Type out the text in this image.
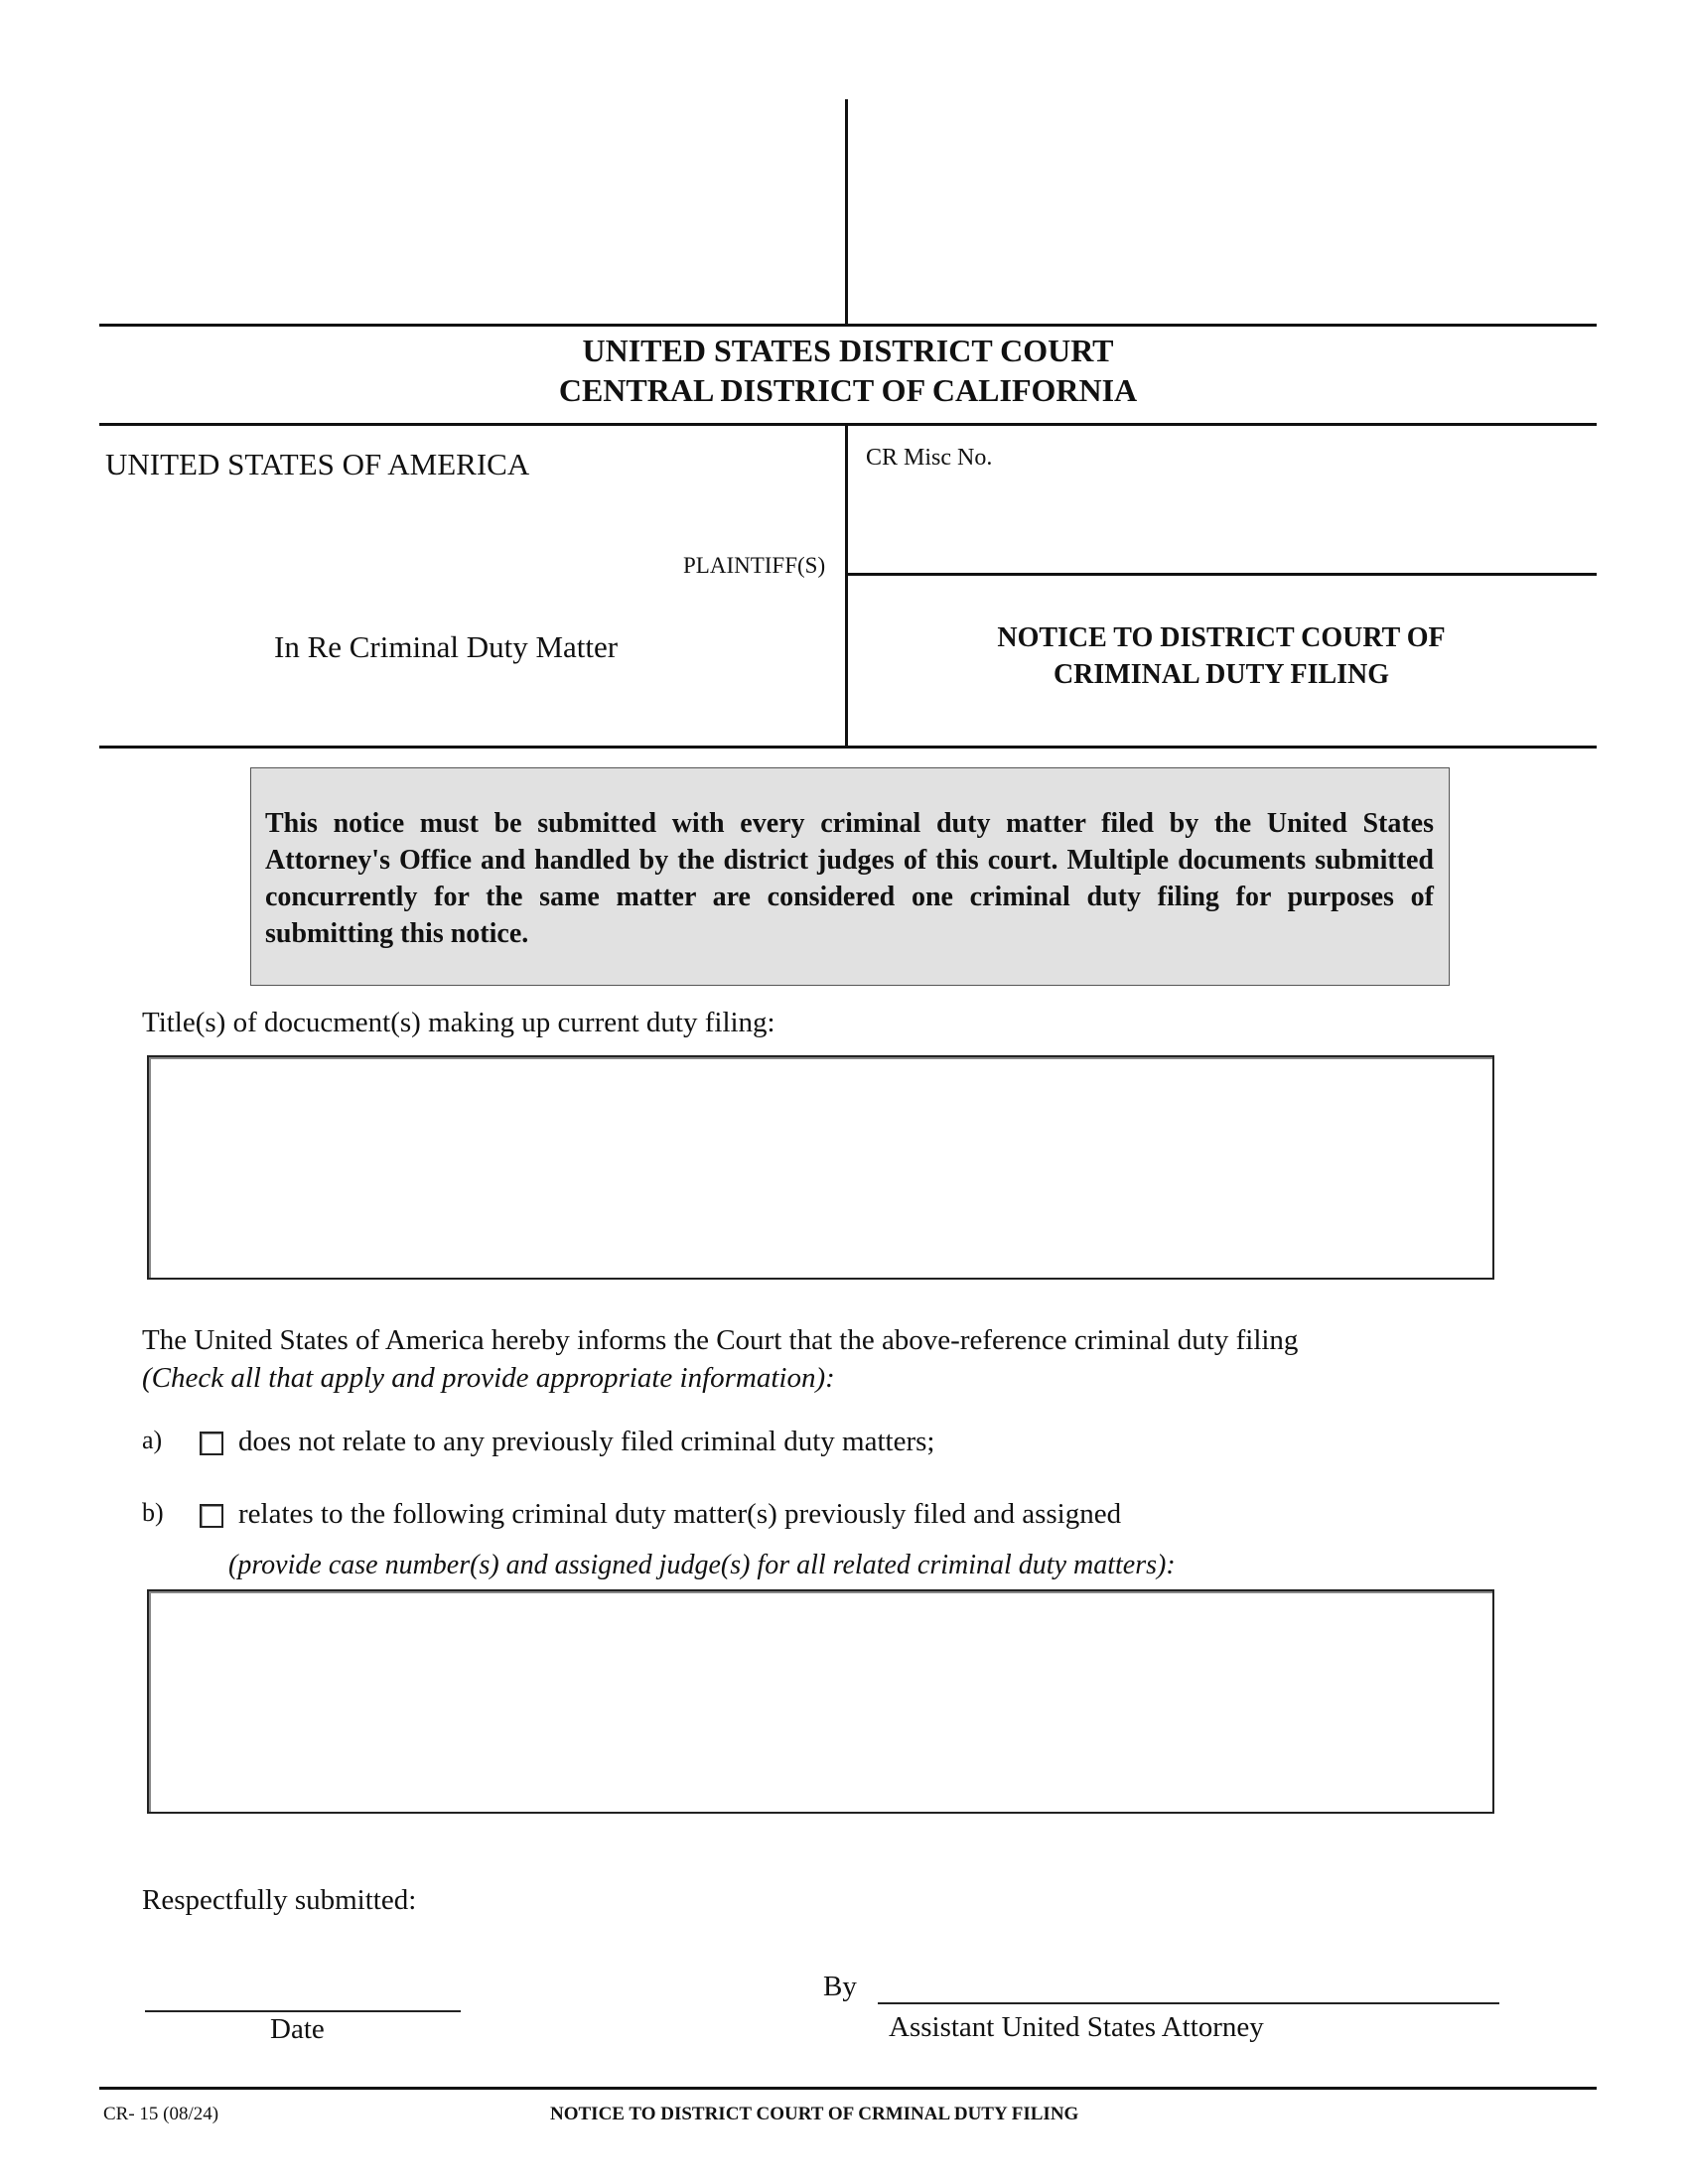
UNITED STATES DISTRICT COURT
CENTRAL DISTRICT OF CALIFORNIA
UNITED STATES OF AMERICA
PLAINTIFF(S)
In Re Criminal Duty Matter
CR Misc No.
NOTICE TO DISTRICT COURT OF
CRIMINAL DUTY FILING
This notice must be submitted with every criminal duty matter filed by the United States Attorney's Office and handled by the district judges of this court. Multiple documents submitted concurrently for the same matter are considered one criminal duty filing for purposes of submitting this notice.
Title(s) of docucment(s) making up current duty filing:
The United States of America hereby informs the Court that the above-reference criminal duty filing
(Check all that apply and provide appropriate information):
a)	does not relate to any previously filed criminal duty matters;
b)	relates to the following criminal duty matter(s) previously filed and assigned
(provide case number(s) and assigned judge(s) for all related criminal duty matters):
Respectfully submitted:
Date
By
Assistant United States Attorney
CR- 15 (08/24)	NOTICE TO DISTRICT COURT OF CRMINAL DUTY FILING
